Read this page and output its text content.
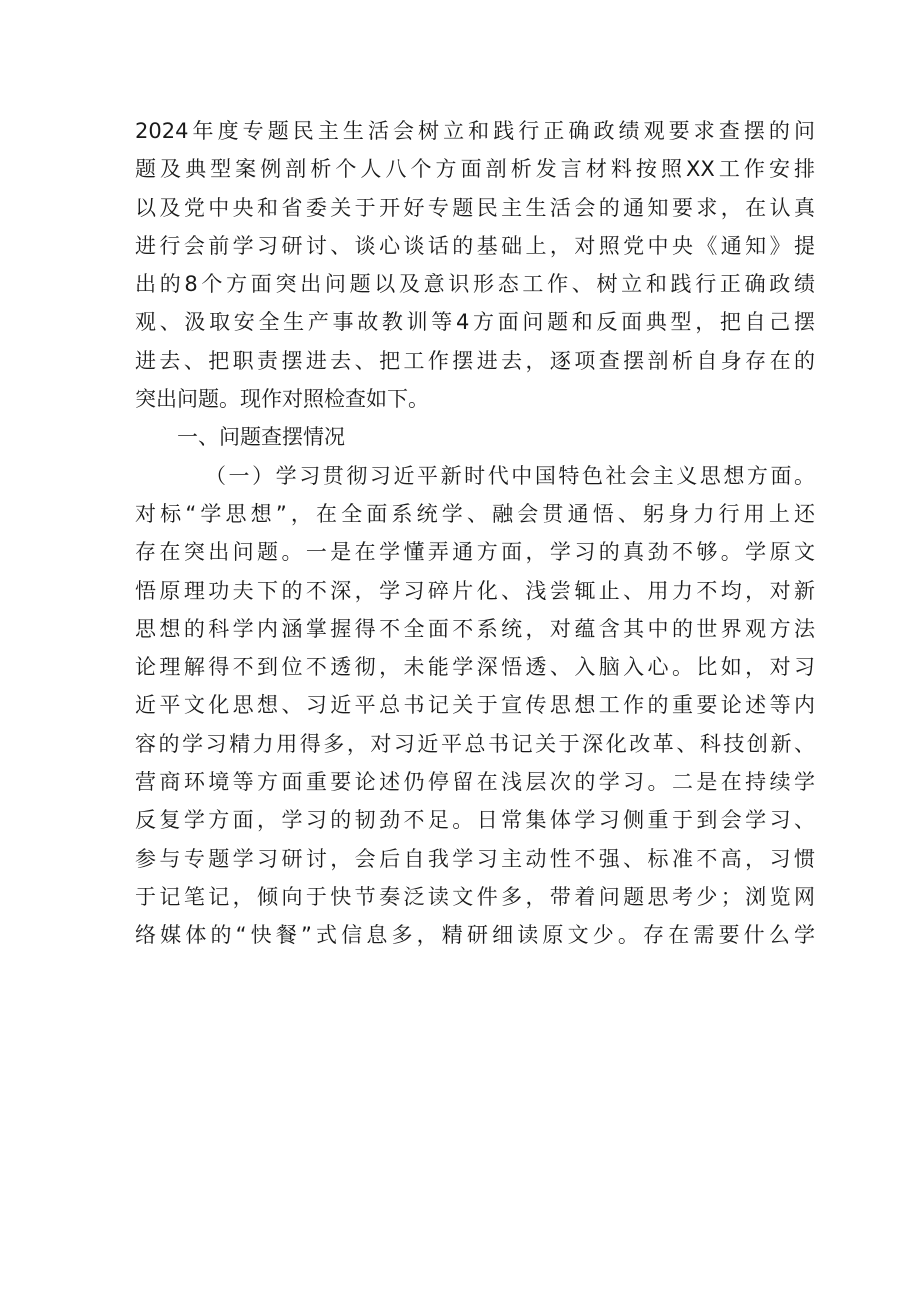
2024年度专题民主生活会树立和践行正确政绩观要求查摆的问
题及典型案例剖析个人八个方面剖析发言材料按照XX工作安排
以及党中央和省委关于开好专题民主生活会的通知要求，在认真
进行会前学习研讨、谈心谈话的基础上，对照党中央《通知》提
出的8个方面突出问题以及意识形态工作、树立和践行正确政绩
观、汲取安全生产事故教训等4方面问题和反面典型，把自己摆
进去、把职责摆进去、把工作摆进去，逐项查摆剖析自身存在的
突出问题。现作对照检查如下。
一、问题查摆情况
（一）学习贯彻习近平新时代中国特色社会主义思想方面。
对标“学思想”，在全面系统学、融会贯通悟、躬身力行用上还
存在突出问题。一是在学懂弄通方面，学习的真劲不够。学原文
悟原理功夫下的不深，学习碎片化、浅尝辄止、用力不均，对新
思想的科学内涵掌握得不全面不系统，对蕴含其中的世界观方法
论理解得不到位不透彻，未能学深悟透、入脑入心。比如，对习
近平文化思想、习近平总书记关于宣传思想工作的重要论述等内
容的学习精力用得多，对习近平总书记关于深化改革、科技创新、
营商环境等方面重要论述仍停留在浅层次的学习。二是在持续学
反复学方面，学习的韧劲不足。日常集体学习侧重于到会学习、
参与专题学习研讨，会后自我学习主动性不强、标准不高，习惯
于记笔记，倾向于快节奏泛读文件多，带着问题思考少；浏览网
络媒体的“快餐”式信息多，精研细读原文少。存在需要什么学
